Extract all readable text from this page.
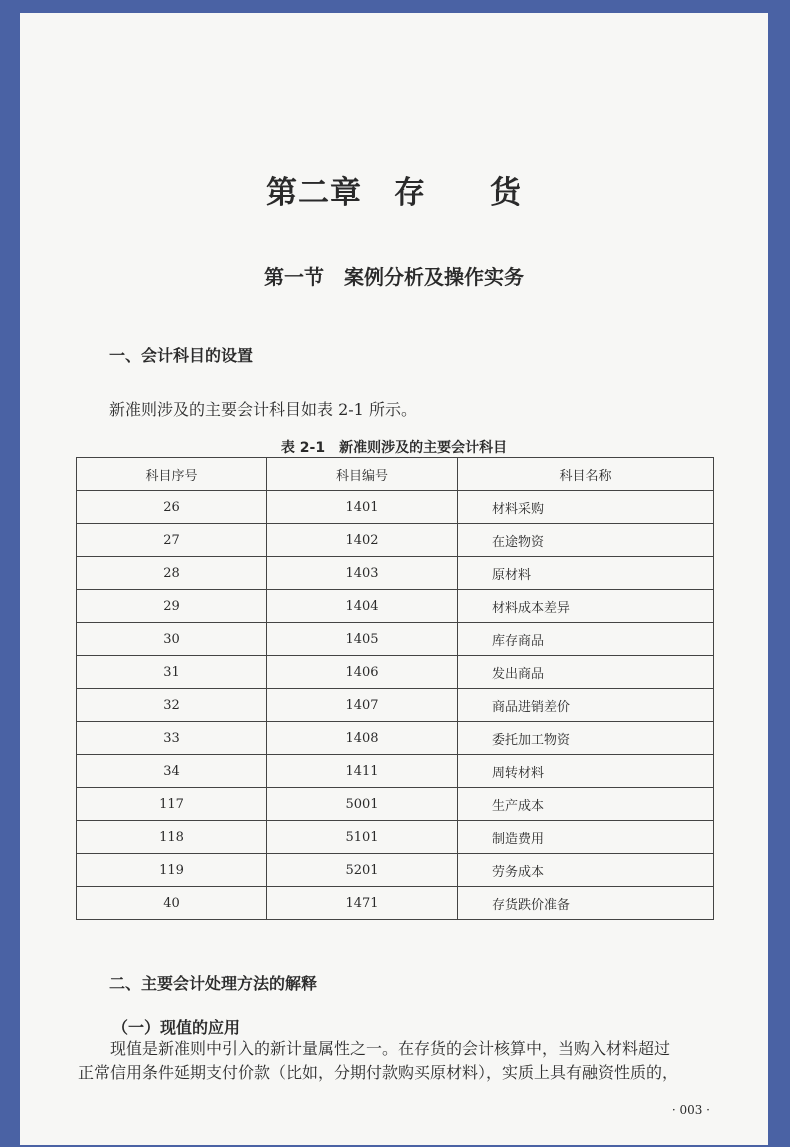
第二章　存　　货
第一节　案例分析及操作实务
一、会计科目的设置
新准则涉及的主要会计科目如表 2-1 所示。
表 2-1　新准则涉及的主要会计科目
科目序号	科目编号	科目名称
26	1401	材料采购
27	1402	在途物资
28	1403	原材料
29	1404	材料成本差异
30	1405	库存商品
31	1406	发出商品
32	1407	商品进销差价
33	1408	委托加工物资
34	1411	周转材料
117	5001	生产成本
118	5101	制造费用
119	5201	劳务成本
40	1471	存货跌价准备
二、主要会计处理方法的解释
（一）现值的应用
现值是新准则中引入的新计量属性之一。在存货的会计核算中，当购入材料超过
正常信用条件延期支付价款（比如，分期付款购买原材料），实质上具有融资性质的，
· 003 ·
